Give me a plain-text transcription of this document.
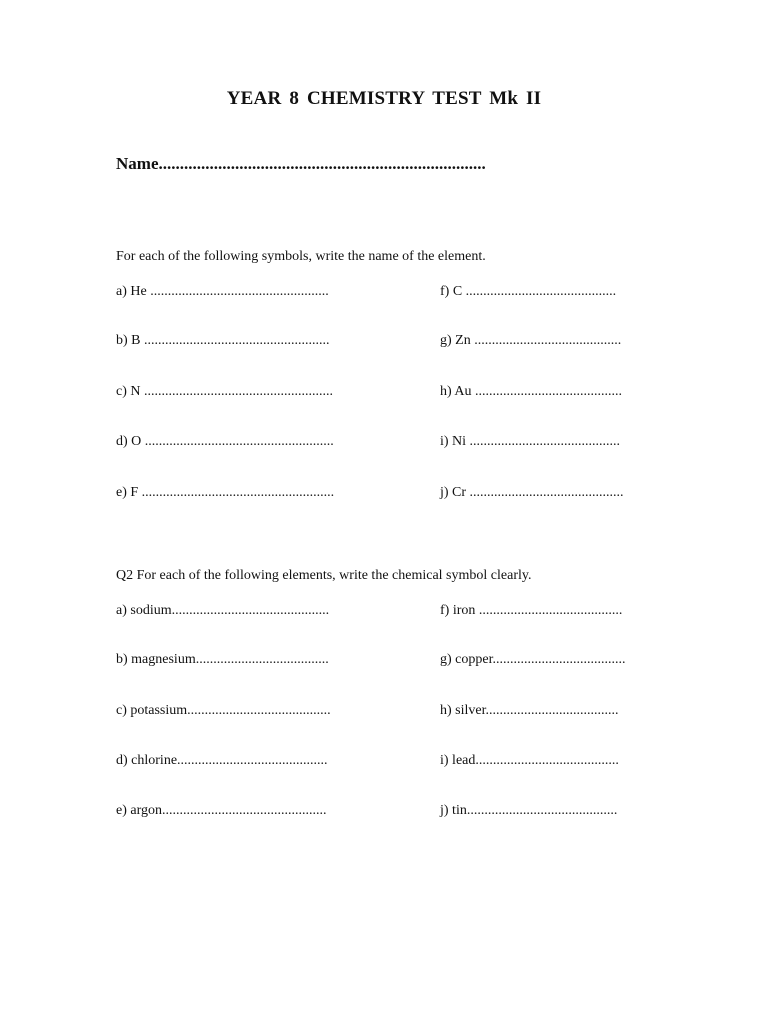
YEAR 8 CHEMISTRY TEST Mk II
Name.............................................................................
For each of the following symbols, write the name of the element.
a) He ...................................................
b) B .....................................................
c) N ......................................................
d) O ......................................................
e) F .......................................................
f) C ...........................................
g) Zn ..........................................
h) Au ..........................................
i) Ni ...........................................
j) Cr ............................................
Q2 For each of the following elements, write the chemical symbol clearly.
a) sodium.............................................
b) magnesium......................................
c) potassium.........................................
d) chlorine...........................................
e) argon...............................................
f) iron .........................................
g) copper......................................
h) silver......................................
i) lead.........................................
j) tin...........................................
